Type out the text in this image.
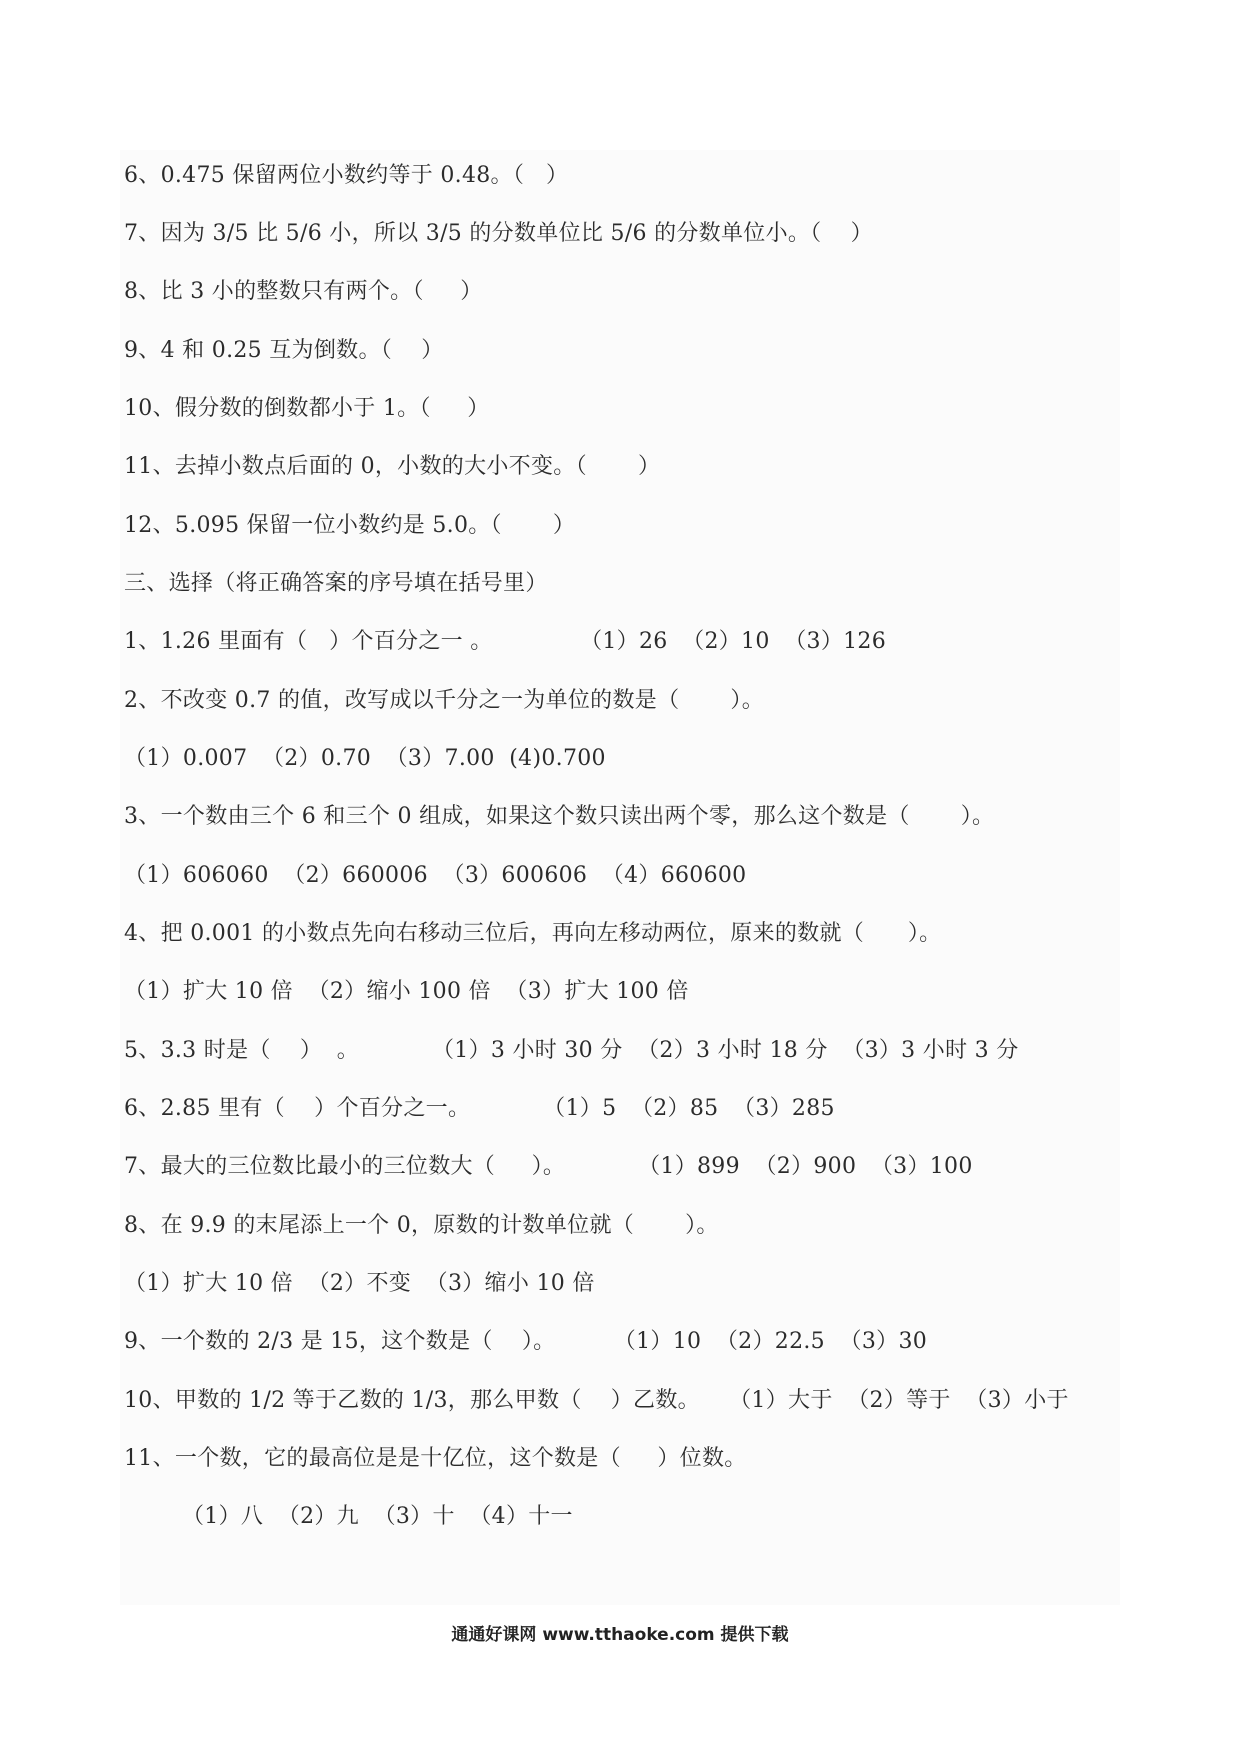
6、0.475 保留两位小数约等于 0.48。（   ）
7、因为 3/5 比 5/6 小，所以 3/5 的分数单位比 5/6 的分数单位小。（    ）
8、比 3 小的整数只有两个。（     ）
9、4 和 0.25 互为倒数。（    ）
10、假分数的倒数都小于 1。（     ）
11、去掉小数点后面的 0，小数的大小不变。（       ）
12、5.095 保留一位小数约是 5.0。（       ）
三、选择（将正确答案的序号填在括号里）
1、1.26 里面有（   ）个百分之一 。            （1）26  （2）10  （3）126
2、不改变 0.7 的值，改写成以千分之一为单位的数是（       ）。
（1）0.007  （2）0.70  （3）7.00  (4)0.700
3、一个数由三个 6 和三个 0 组成，如果这个数只读出两个零，那么这个数是（       ）。
（1）606060  （2）660006  （3）600606  （4）660600
4、把 0.001 的小数点先向右移动三位后，再向左移动两位，原来的数就（      ）。
（1）扩大 10 倍  （2）缩小 100 倍  （3）扩大 100 倍
5、3.3 时是（    ）  。          （1）3 小时 30 分  （2）3 小时 18 分  （3）3 小时 3 分
6、2.85 里有（    ）个百分之一。          （1）5  （2）85  （3）285
7、最大的三位数比最小的三位数大（     ）。          （1）899  （2）900  （3）100
8、在 9.9 的末尾添上一个 0，原数的计数单位就（       ）。
（1）扩大 10 倍  （2）不变  （3）缩小 10 倍
9、一个数的 2/3 是 15，这个数是（    ）。        （1）10  （2）22.5  （3）30
10、甲数的 1/2 等于乙数的 1/3，那么甲数（    ）乙数。    （1）大于  （2）等于  （3）小于
11、一个数，它的最高位是是十亿位，这个数是（     ）位数。
（1）八  （2）九  （3）十  （4）十一
通通好课网 www.tthaoke.com 提供下载
